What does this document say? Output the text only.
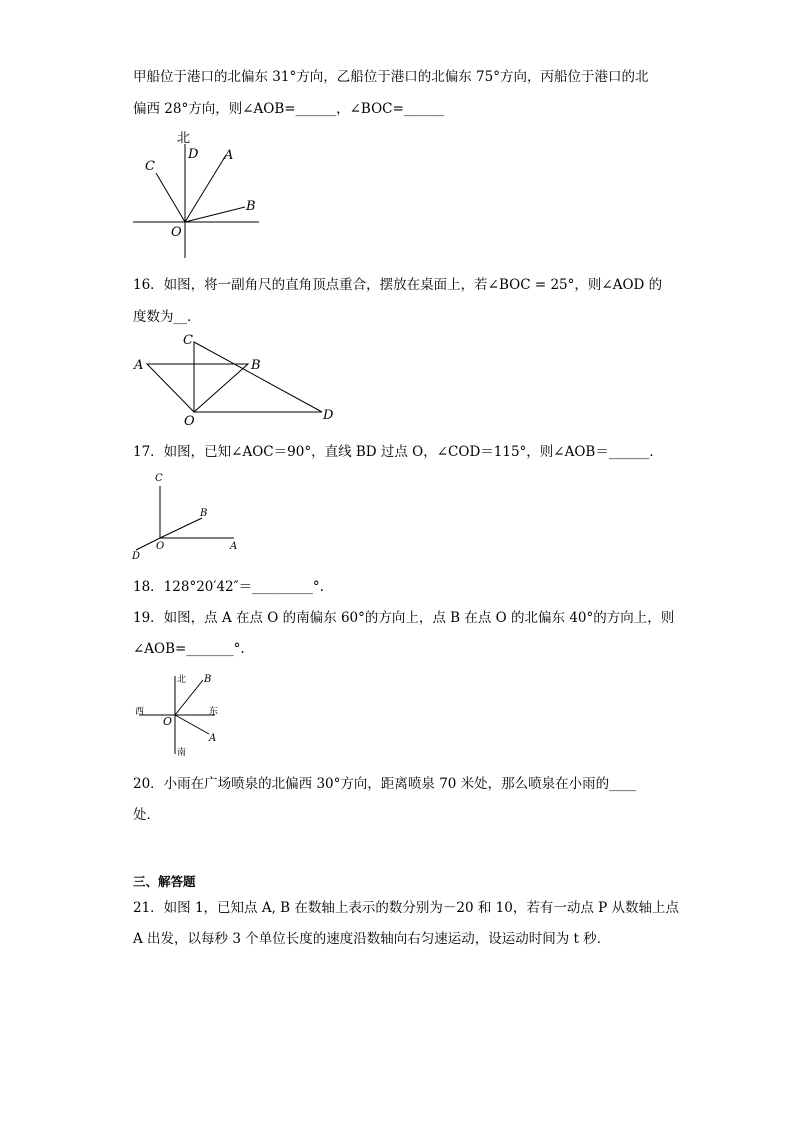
甲船位于港口的北偏东 31°方向，乙船位于港口的北偏东 75°方向，丙船位于港口的北
偏西 28°方向，则∠AOB=______，∠BOC=______
北
C
D A
B
O
16．如图，将一副角尺的直角顶点重合，摆放在桌面上，若∠BOC = 25°，则∠AOD 的
度数为__．
C
A	B
O	D
17．如图，已知∠AOC＝90°，直线 BD 过点 O，∠COD＝115°，则∠AOB＝______．
C
B
O	A
D
18．128°20′42″＝_________°.
19．如图，点 A 在点 O 的南偏东 60°的方向上，点 B 在点 O 的北偏东 40°的方向上，则
∠AOB=_______°.
北 B
西
O
东
南
A
20．小雨在广场喷泉的北偏西 30°方向，距离喷泉 70 米处，那么喷泉在小雨的____
处．
三、解答题
21．如图 1，已知点 A, B 在数轴上表示的数分别为－20 和 10，若有一动点 P 从数轴上点
A 出发，以每秒 3 个单位长度的速度沿数轴向右匀速运动，设运动时间为 t 秒．
